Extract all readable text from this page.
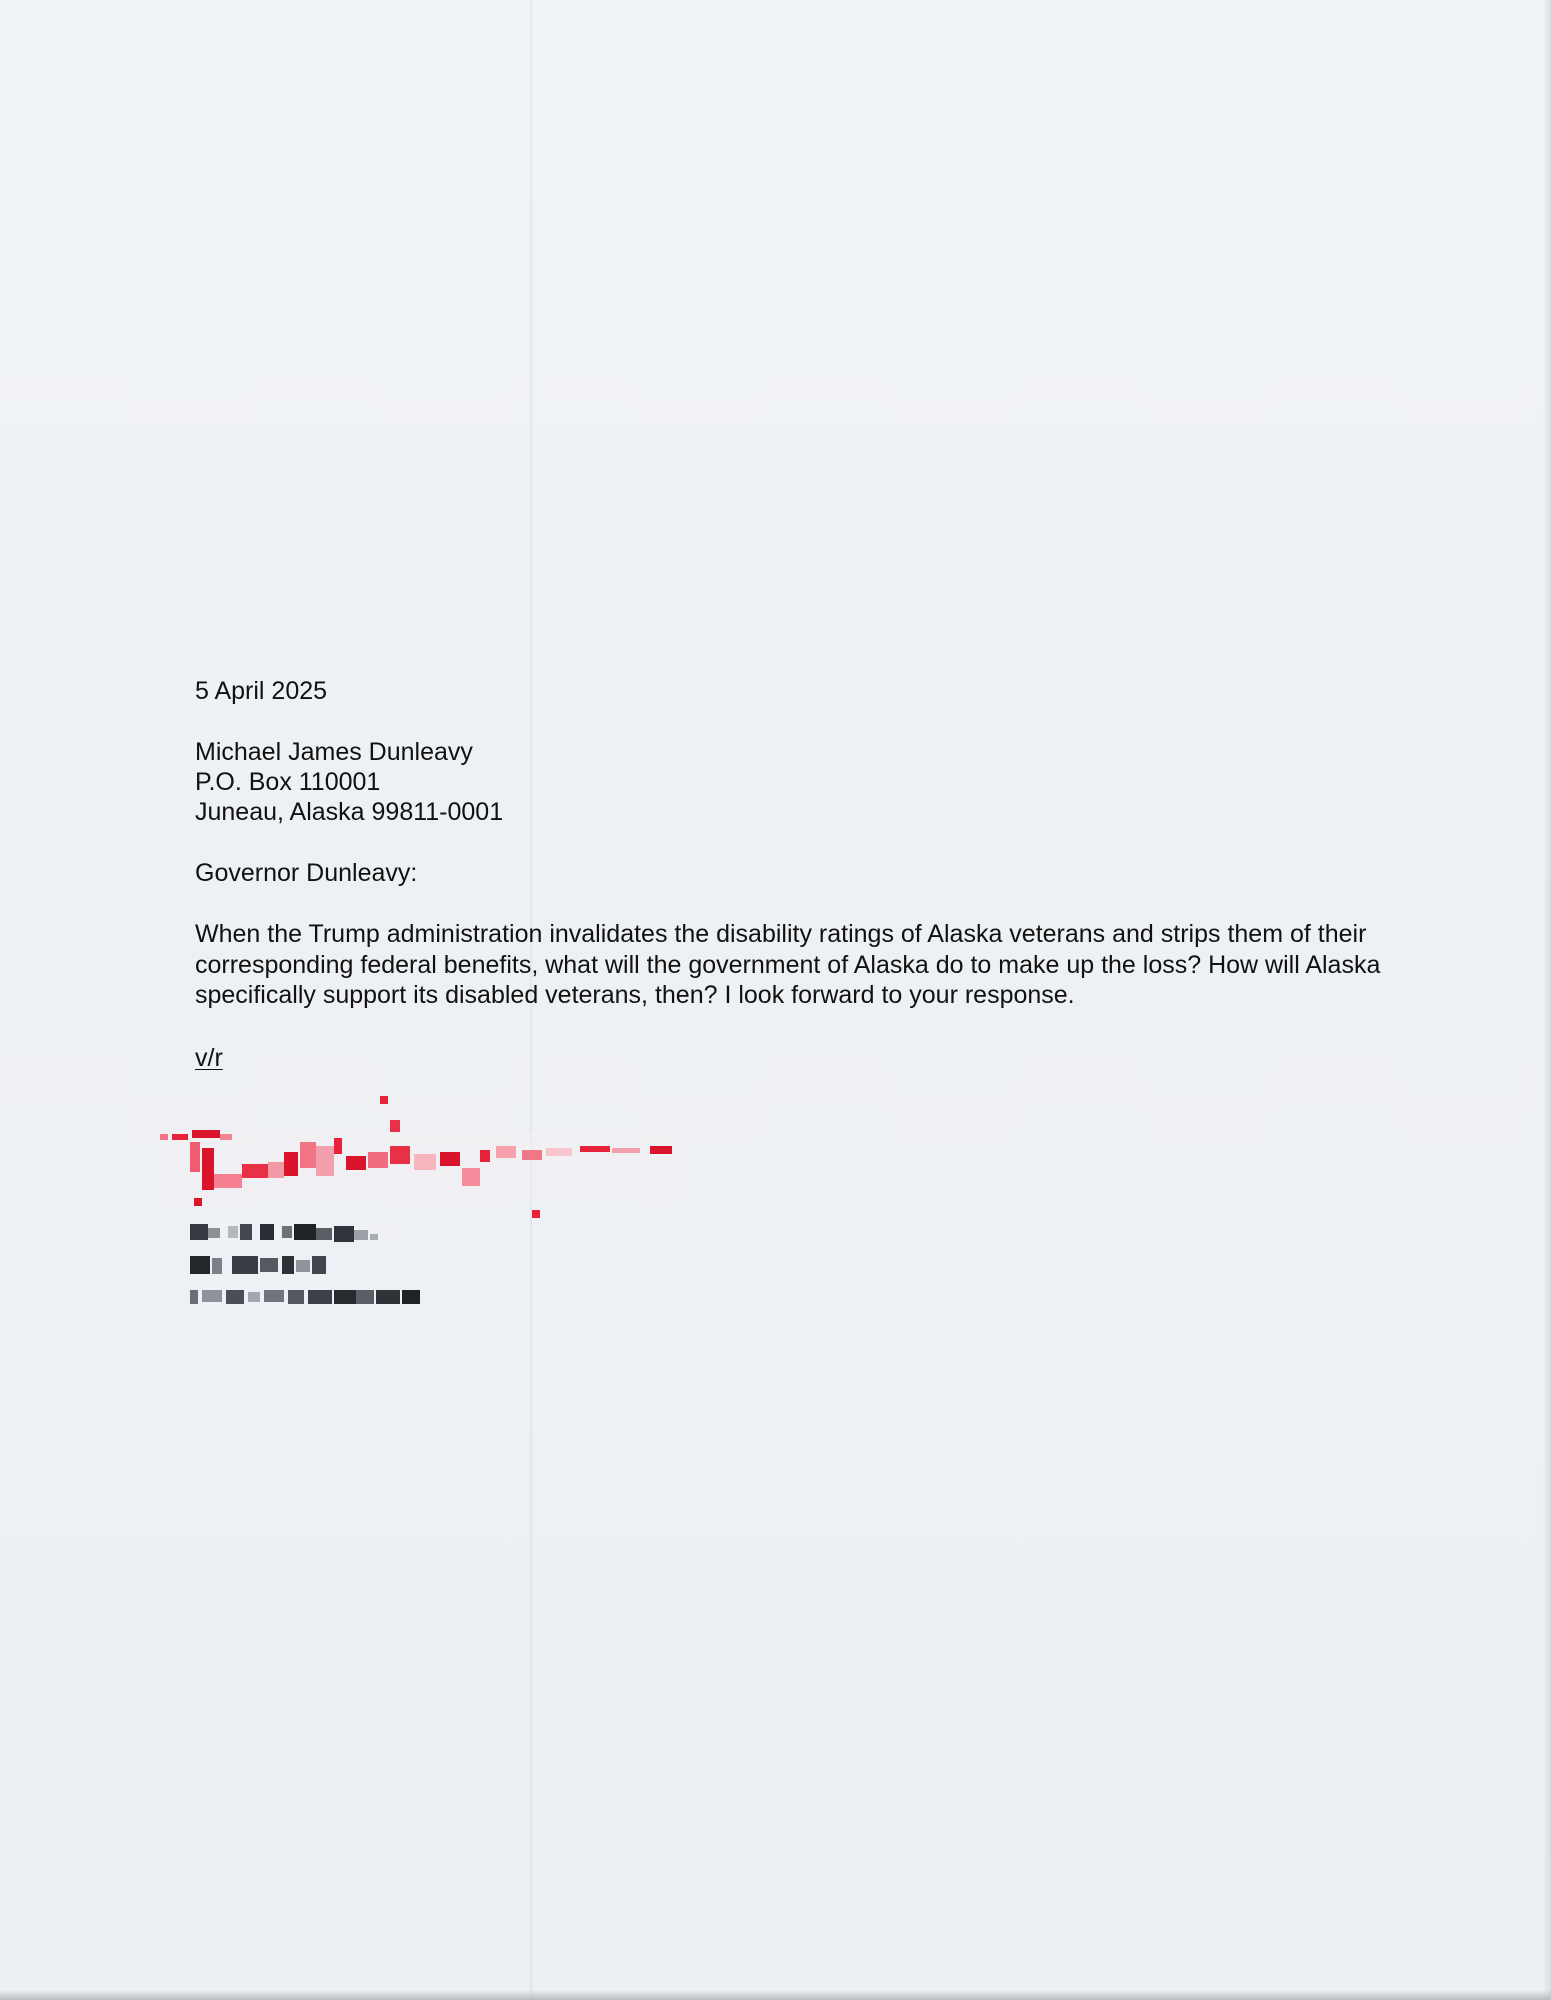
5 April 2025
Michael James Dunleavy
P.O. Box 110001
Juneau, Alaska 99811-0001
Governor Dunleavy:
When the Trump administration invalidates the disability ratings of Alaska veterans and strips them of their corresponding federal benefits, what will the government of Alaska do to make up the loss? How will Alaska specifically support its disabled veterans, then? I look forward to your response.
v/r
